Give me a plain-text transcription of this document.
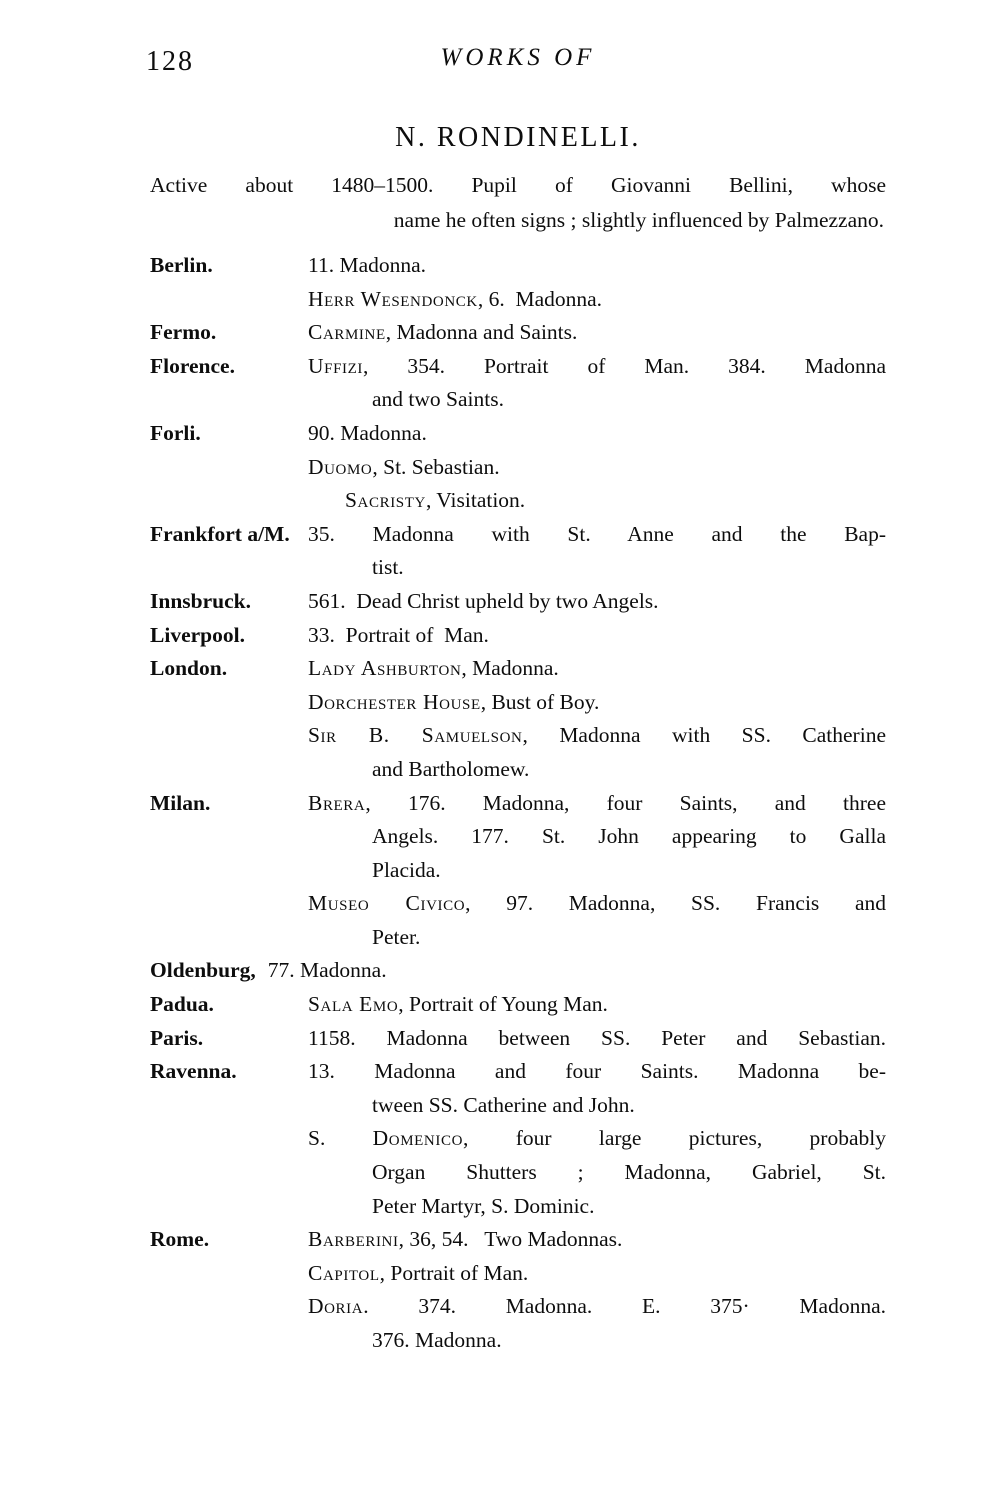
128	WORKS OF
N. RONDINELLI.
Active about 1480–1500. Pupil of Giovanni Bellini, whose
name he often signs ; slightly influenced by Palmezzano.
Berlin.	11. Madonna.
Herr Wesendonck, 6.  Madonna.
Fermo.	Carmine, Madonna and Saints.
Florence.	Uffizi, 354. Portrait of Man. 384. Madonna
and two Saints.
Forli.	90. Madonna.
Duomo, St. Sebastian.
Sacristy, Visitation.
Frankfort a/M. 35. Madonna with St. Anne and the Bap-
tist.
Innsbruck.	561.  Dead Christ upheld by two Angels.
Liverpool.	33.  Portrait of  Man.
London.	Lady Ashburton, Madonna.
Dorchester House, Bust of Boy.
Sir B. Samuelson, Madonna with SS. Catherine
and Bartholomew.
Milan.	Brera, 176. Madonna, four Saints, and three
Angels. 177. St. John appearing to Galla
Placida.
Museo Civico, 97. Madonna, SS. Francis and
Peter.
Oldenburg, 77. Madonna.
Padua.	Sala Emo, Portrait of Young Man.
Paris.	1158. Madonna between SS. Peter and Sebastian.
Ravenna.	13. Madonna and four Saints. Madonna be-
tween SS. Catherine and John.
S. Domenico, four large pictures, probably
Organ Shutters ; Madonna, Gabriel, St.
Peter Martyr, S. Dominic.
Rome.	Barberini, 36, 54.   Two Madonnas.
Capitol, Portrait of Man.
Doria. 374. Madonna. E. 375· Madonna.
376. Madonna.
